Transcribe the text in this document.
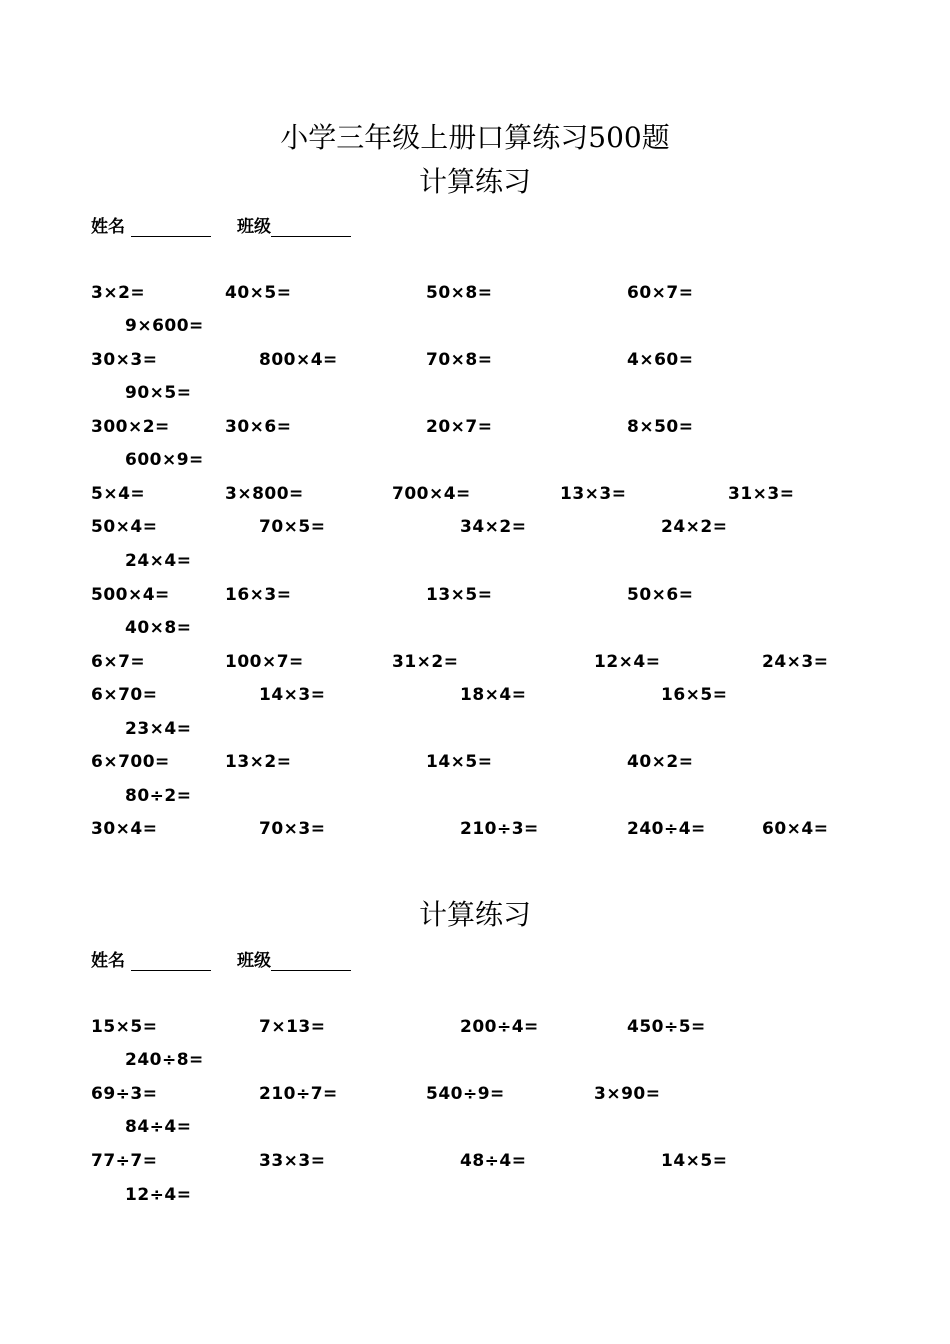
小学三年级上册口算练习500题
计算练习
姓名	班级
3×2=	40×5=	50×8=	60×7=
9×600=
30×3=	800×4=	70×8=	4×60=
90×5=
300×2=	30×6=	20×7=	8×50=
600×9=
5×4=	3×800=	700×4=	13×3=	31×3=
50×4=	70×5=	34×2=	24×2=
24×4=
500×4=	16×3=	13×5=	50×6=
40×8=
6×7=	100×7=	31×2=	12×4=	24×3=
6×70=	14×3=	18×4=	16×5=
23×4=
6×700=	13×2=	14×5=	40×2=
80÷2=
30×4=	70×3=	210÷3=	240÷4=	60×4=
计算练习
姓名	班级
15×5=	7×13=	200÷4=	450÷5=
240÷8=
69÷3=	210÷7=	540÷9=	3×90=
84÷4=
77÷7=	33×3=	48÷4=	14×5=
12÷4=
